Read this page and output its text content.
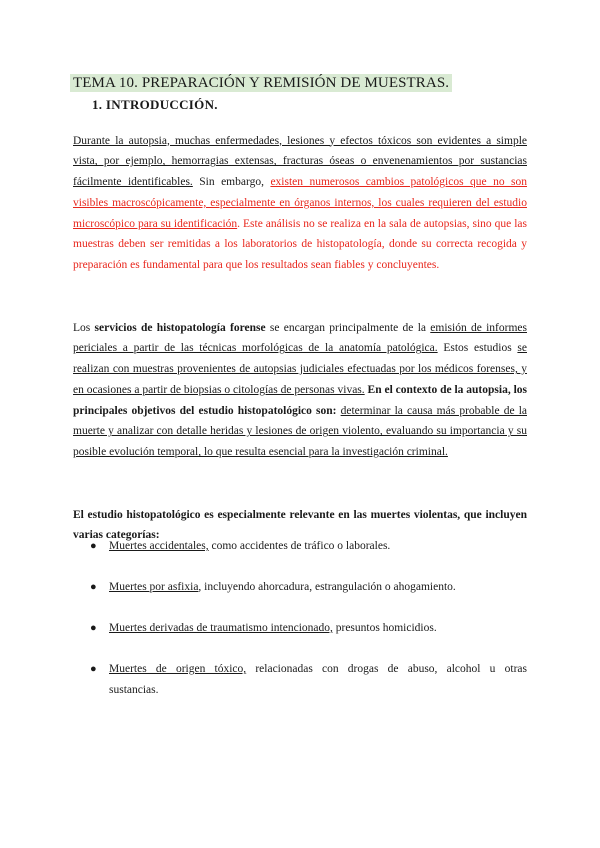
TEMA 10. PREPARACIÓN Y REMISIÓN DE MUESTRAS.
1. INTRODUCCIÓN.

Durante la autopsia, muchas enfermedades, lesiones y efectos tóxicos son evidentes a simple vista, por ejemplo, hemorragias extensas, fracturas óseas o envenenamientos por sustancias fácilmente identificables. Sin embargo, existen numerosos cambios patológicos que no son visibles macroscópicamente, especialmente en órganos internos, los cuales requieren del estudio microscópico para su identificación. Este análisis no se realiza en la sala de autopsias, sino que las muestras deben ser remitidas a los laboratorios de histopatología, donde su correcta recogida y preparación es fundamental para que los resultados sean fiables y concluyentes.

Los servicios de histopatología forense se encargan principalmente de la emisión de informes periciales a partir de las técnicas morfológicas de la anatomía patológica. Estos estudios se realizan con muestras provenientes de autopsias judiciales efectuadas por los médicos forenses, y en ocasiones a partir de biopsias o citologías de personas vivas. En el contexto de la autopsia, los principales objetivos del estudio histopatológico son: determinar la causa más probable de la muerte y analizar con detalle heridas y lesiones de origen violento, evaluando su importancia y su posible evolución temporal, lo que resulta esencial para la investigación criminal.

El estudio histopatológico es especialmente relevante en las muertes violentas, que incluyen varias categorías:

● Muertes accidentales, como accidentes de tráfico o laborales.
● Muertes por asfixia, incluyendo ahorcadura, estrangulación o ahogamiento.
● Muertes derivadas de traumatismo intencionado, presuntos homicidios.
● Muertes de origen tóxico, relacionadas con drogas de abuso, alcohol u otras sustancias.
